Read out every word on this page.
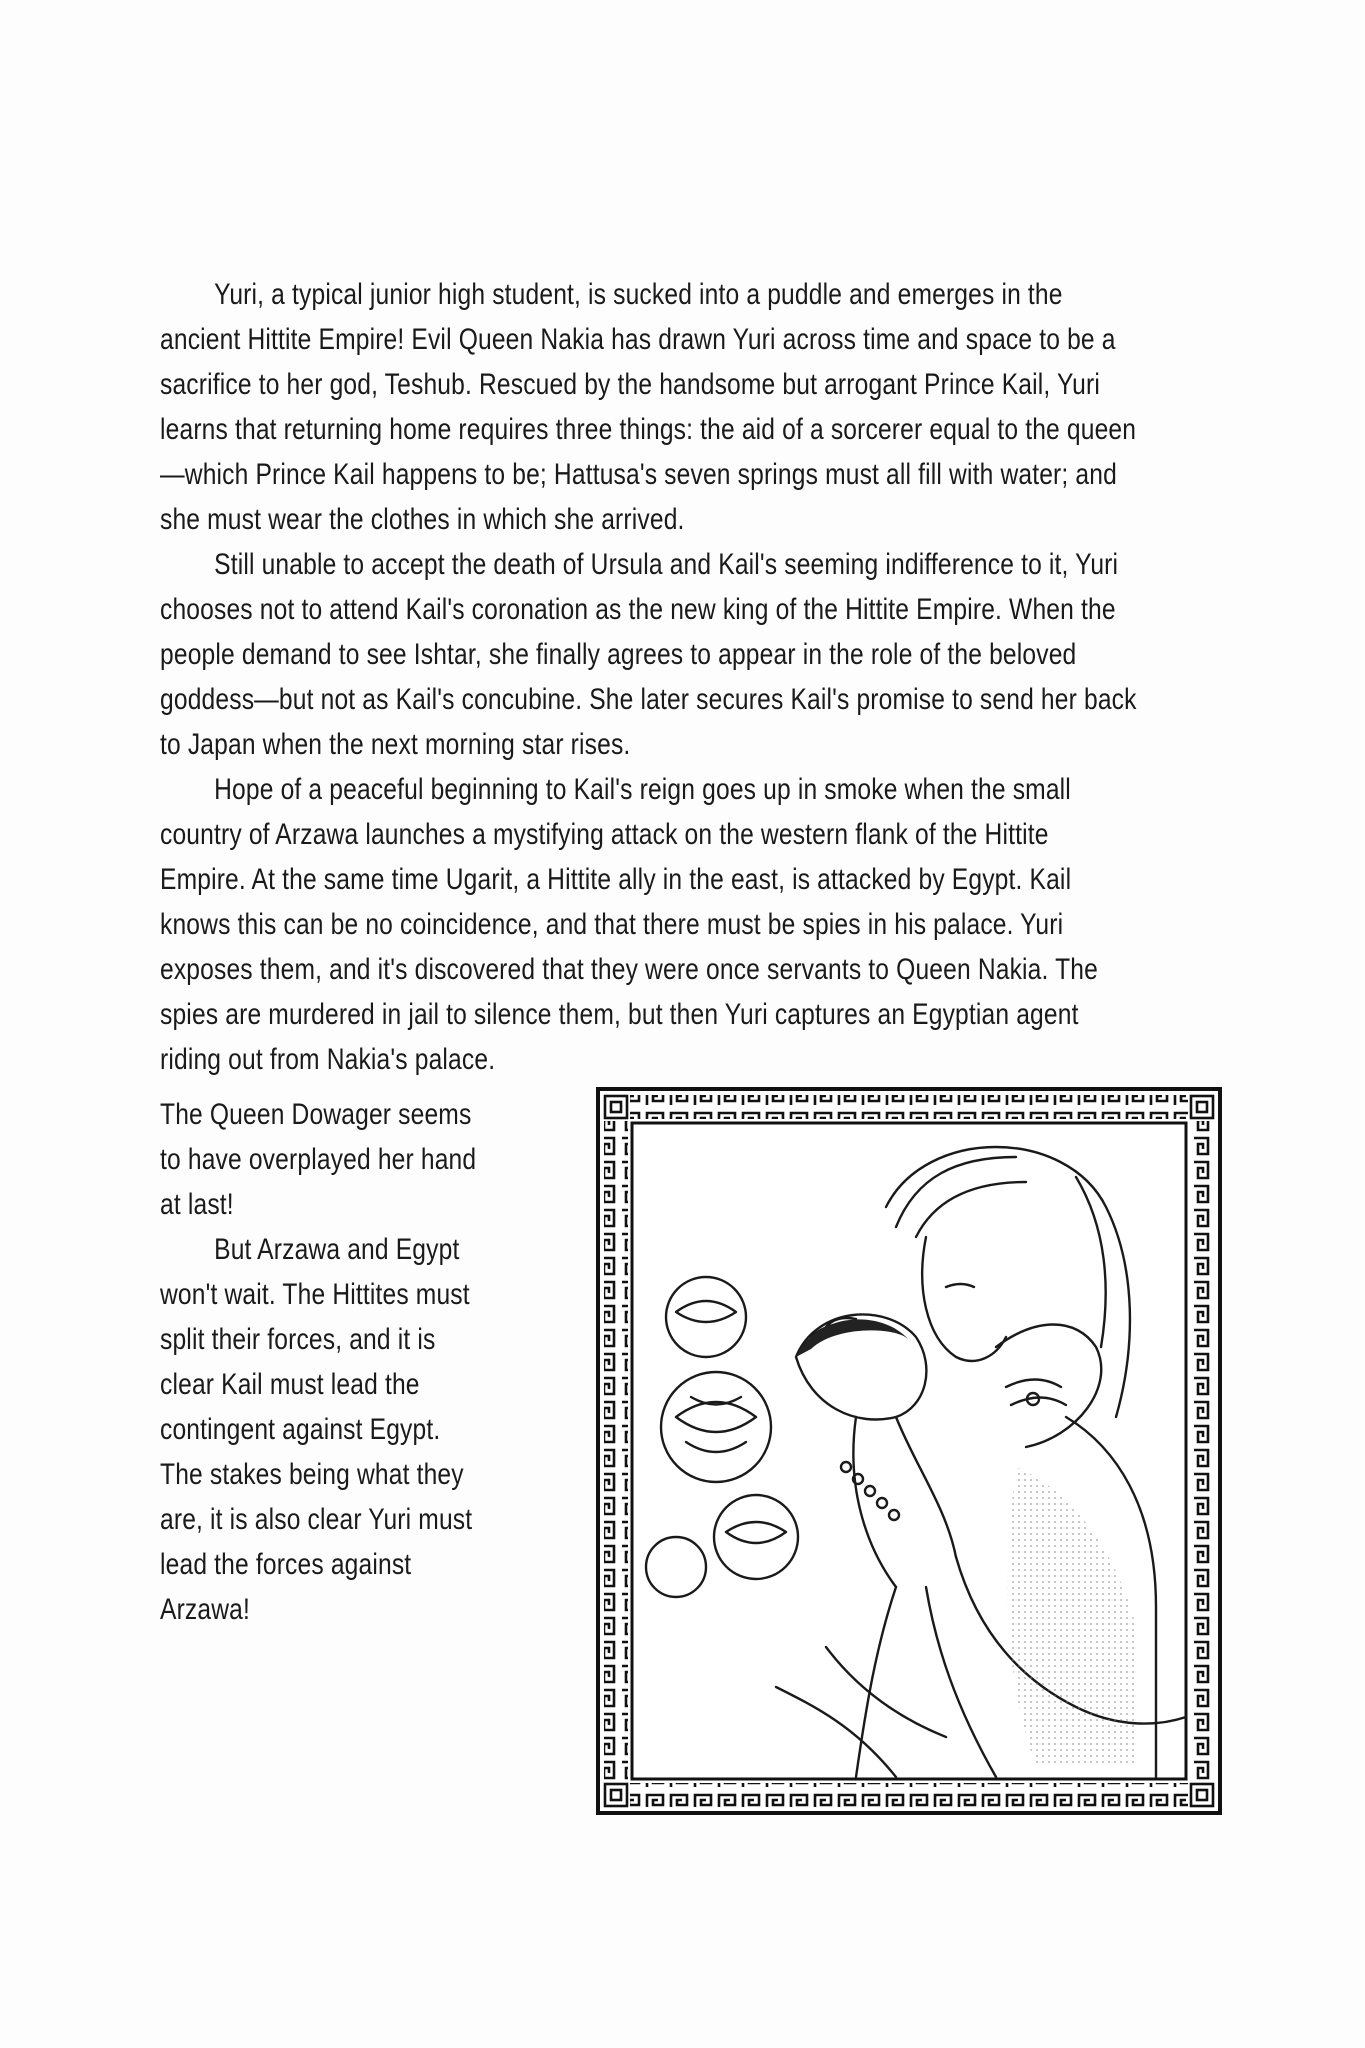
Yuri, a typical junior high student, is sucked into a puddle and emerges in the ancient Hittite Empire! Evil Queen Nakia has drawn Yuri across time and space to be a sacrifice to her god, Teshub. Rescued by the handsome but arrogant Prince Kail, Yuri learns that returning home requires three things: the aid of a sorcerer equal to the queen—which Prince Kail happens to be; Hattusa's seven springs must all fill with water; and she must wear the clothes in which she arrived.

Still unable to accept the death of Ursula and Kail's seeming indifference to it, Yuri chooses not to attend Kail's coronation as the new king of the Hittite Empire. When the people demand to see Ishtar, she finally agrees to appear in the role of the beloved goddess—but not as Kail's concubine. She later secures Kail's promise to send her back to Japan when the next morning star rises.

Hope of a peaceful beginning to Kail's reign goes up in smoke when the small country of Arzawa launches a mystifying attack on the western flank of the Hittite Empire. At the same time Ugarit, a Hittite ally in the east, is attacked by Egypt. Kail knows this can be no coincidence, and that there must be spies in his palace. Yuri exposes them, and it's discovered that they were once servants to Queen Nakia. The spies are murdered in jail to silence them, but then Yuri captures an Egyptian agent riding out from Nakia's palace.

The Queen Dowager seems to have overplayed her hand at last!

But Arzawa and Egypt won't wait. The Hittites must split their forces, and it is clear Kail must lead the contingent against Egypt. The stakes being what they are, it is also clear Yuri must lead the forces against Arzawa!
